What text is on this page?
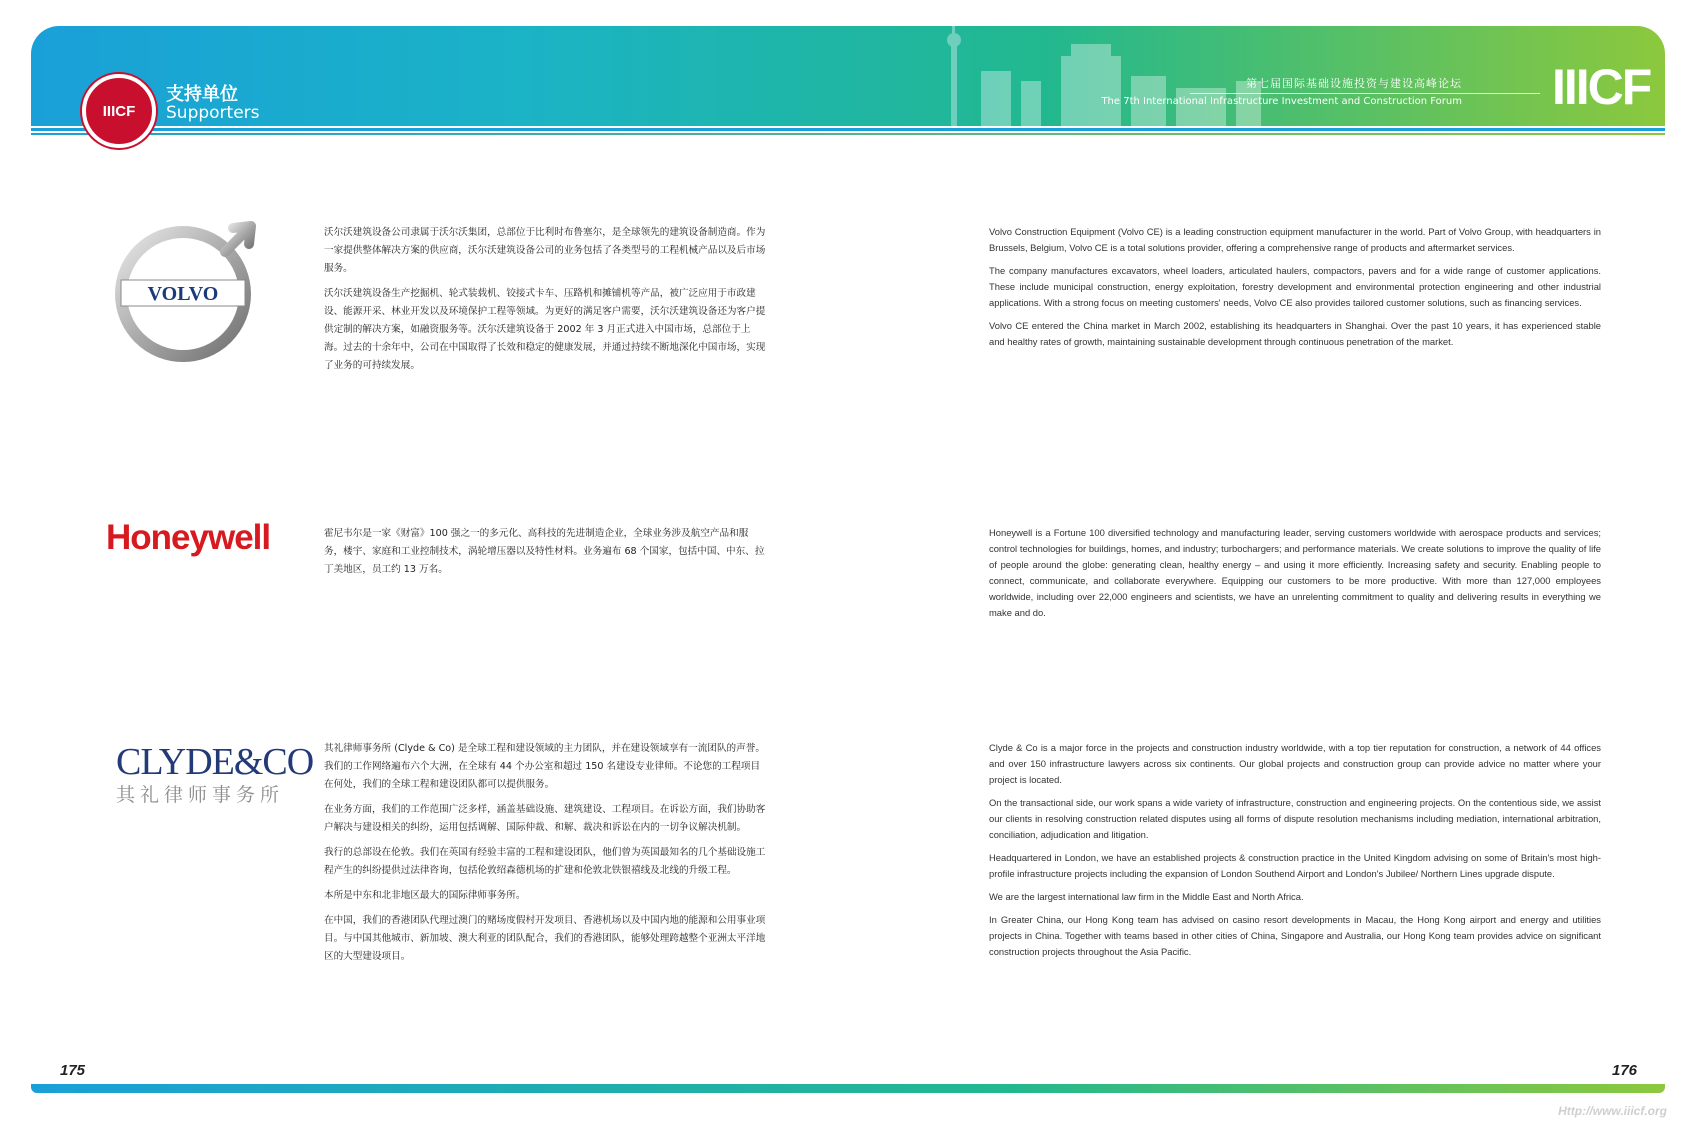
IIICF
支持单位
Supporters
第七届国际基础设施投资与建设高峰论坛
The 7th International Infrastructure Investment and Construction Forum IIICF
VOLVO

沃尔沃建筑设备公司隶属于沃尔沃集团，总部位于比利时布鲁塞尔，是全球领先的建筑设备制造商。作为一家提供整体解决方案的供应商，沃尔沃建筑设备公司的业务包括了各类型号的工程机械产品以及后市场服务。

沃尔沃建筑设备生产挖掘机、轮式装载机、铰接式卡车、压路机和摊铺机等产品，被广泛应用于市政建设、能源开采、林业开发以及环境保护工程等领域。为更好的满足客户需要，沃尔沃建筑设备还为客户提供定制的解决方案，如融资服务等。沃尔沃建筑设备于 2002 年 3 月正式进入中国市场，总部位于上海。过去的十余年中，公司在中国取得了长效和稳定的健康发展，并通过持续不断地深化中国市场，实现了业务的可持续发展。

Volvo Construction Equipment (Volvo CE) is a leading construction equipment manufacturer in the world. Part of Volvo Group, with headquarters in Brussels, Belgium, Volvo CE is a total solutions provider, offering a comprehensive range of products and aftermarket services.

The company manufactures excavators, wheel loaders, articulated haulers, compactors, pavers and for a wide range of customer applications. These include municipal construction, energy exploitation, forestry development and environmental protection engineering and other industrial applications. With a strong focus on meeting customers' needs, Volvo CE also provides tailored customer solutions, such as financing services.

Volvo CE entered the China market in March 2002, establishing its headquarters in Shanghai. Over the past 10 years, it has experienced stable and healthy rates of growth, maintaining sustainable development through continuous penetration of the market.

Honeywell	霍尼韦尔是一家《财富》100 强之一的多元化、高科技的先进制造企业，全球业务涉及航空产品和服务，楼宇、家庭和工业控制技术，涡轮增压器以及特性材料。业务遍布 68 个国家，包括中国、中东、拉丁美地区，员工约 13 万名。

Honeywell is a Fortune 100 diversified technology and manufacturing leader, serving customers worldwide with aerospace products and services; control technologies for buildings, homes, and industry; turbochargers; and performance materials. We create solutions to improve the quality of life of people around the globe: generating clean, healthy energy – and using it more efficiently. Increasing safety and security. Enabling people to connect, communicate, and collaborate everywhere. Equipping our customers to be more productive. With more than 127,000 employees worldwide, including over 22,000 engineers and scientists, we have an unrelenting commitment to quality and delivering results in everything we make and do.

CLYDE&CO
其礼律师事务所

其礼律师事务所 (Clyde & Co) 是全球工程和建设领域的主力团队，并在建设领域享有一流团队的声誉。我们的工作网络遍布六个大洲，在全球有 44 个办公室和超过 150 名建设专业律师。不论您的工程项目在何处，我们的全球工程和建设团队都可以提供服务。

在业务方面，我们的工作范围广泛多样，涵盖基础设施、建筑建设、工程项目。在诉讼方面，我们协助客户解决与建设相关的纠纷，运用包括调解、国际仲裁、和解、裁决和诉讼在内的一切争议解决机制。

我行的总部设在伦敦。我们在英国有经验丰富的工程和建设团队，他们曾为英国最知名的几个基础设施工程产生的纠纷提供过法律咨询，包括伦敦绍森德机场的扩建和伦敦北铁银禧线及北线的升级工程。

本所是中东和北非地区最大的国际律师事务所。

在中国，我们的香港团队代理过澳门的赌场度假村开发项目、香港机场以及中国内地的能源和公用事业项目。与中国其他城市、新加坡、澳大利亚的团队配合，我们的香港团队，能够处理跨越整个亚洲太平洋地区的大型建设项目。

Clyde & Co is a major force in the projects and construction industry worldwide, with a top tier reputation for construction, a network of 44 offices and over 150 infrastructure lawyers across six continents. Our global projects and construction group can provide advice no matter where your project is located.

On the transactional side, our work spans a wide variety of infrastructure, construction and engineering projects. On the contentious side, we assist our clients in resolving construction related disputes using all forms of dispute resolution mechanisms including mediation, international arbitration, conciliation, adjudication and litigation.

Headquartered in London, we have an established projects & construction practice in the United Kingdom advising on some of Britain's most high-profile infrastructure projects including the expansion of London Southend Airport and London's Jubilee/ Northern Lines upgrade dispute.

We are the largest international law firm in the Middle East and North Africa.

In Greater China, our Hong Kong team has advised on casino resort developments in Macau, the Hong Kong airport and energy and utilities projects in China. Together with teams based in other cities of China, Singapore and Australia, our Hong Kong team provides advice on significant construction projects throughout the Asia Pacific.

175	176
Http://www.iiicf.org
